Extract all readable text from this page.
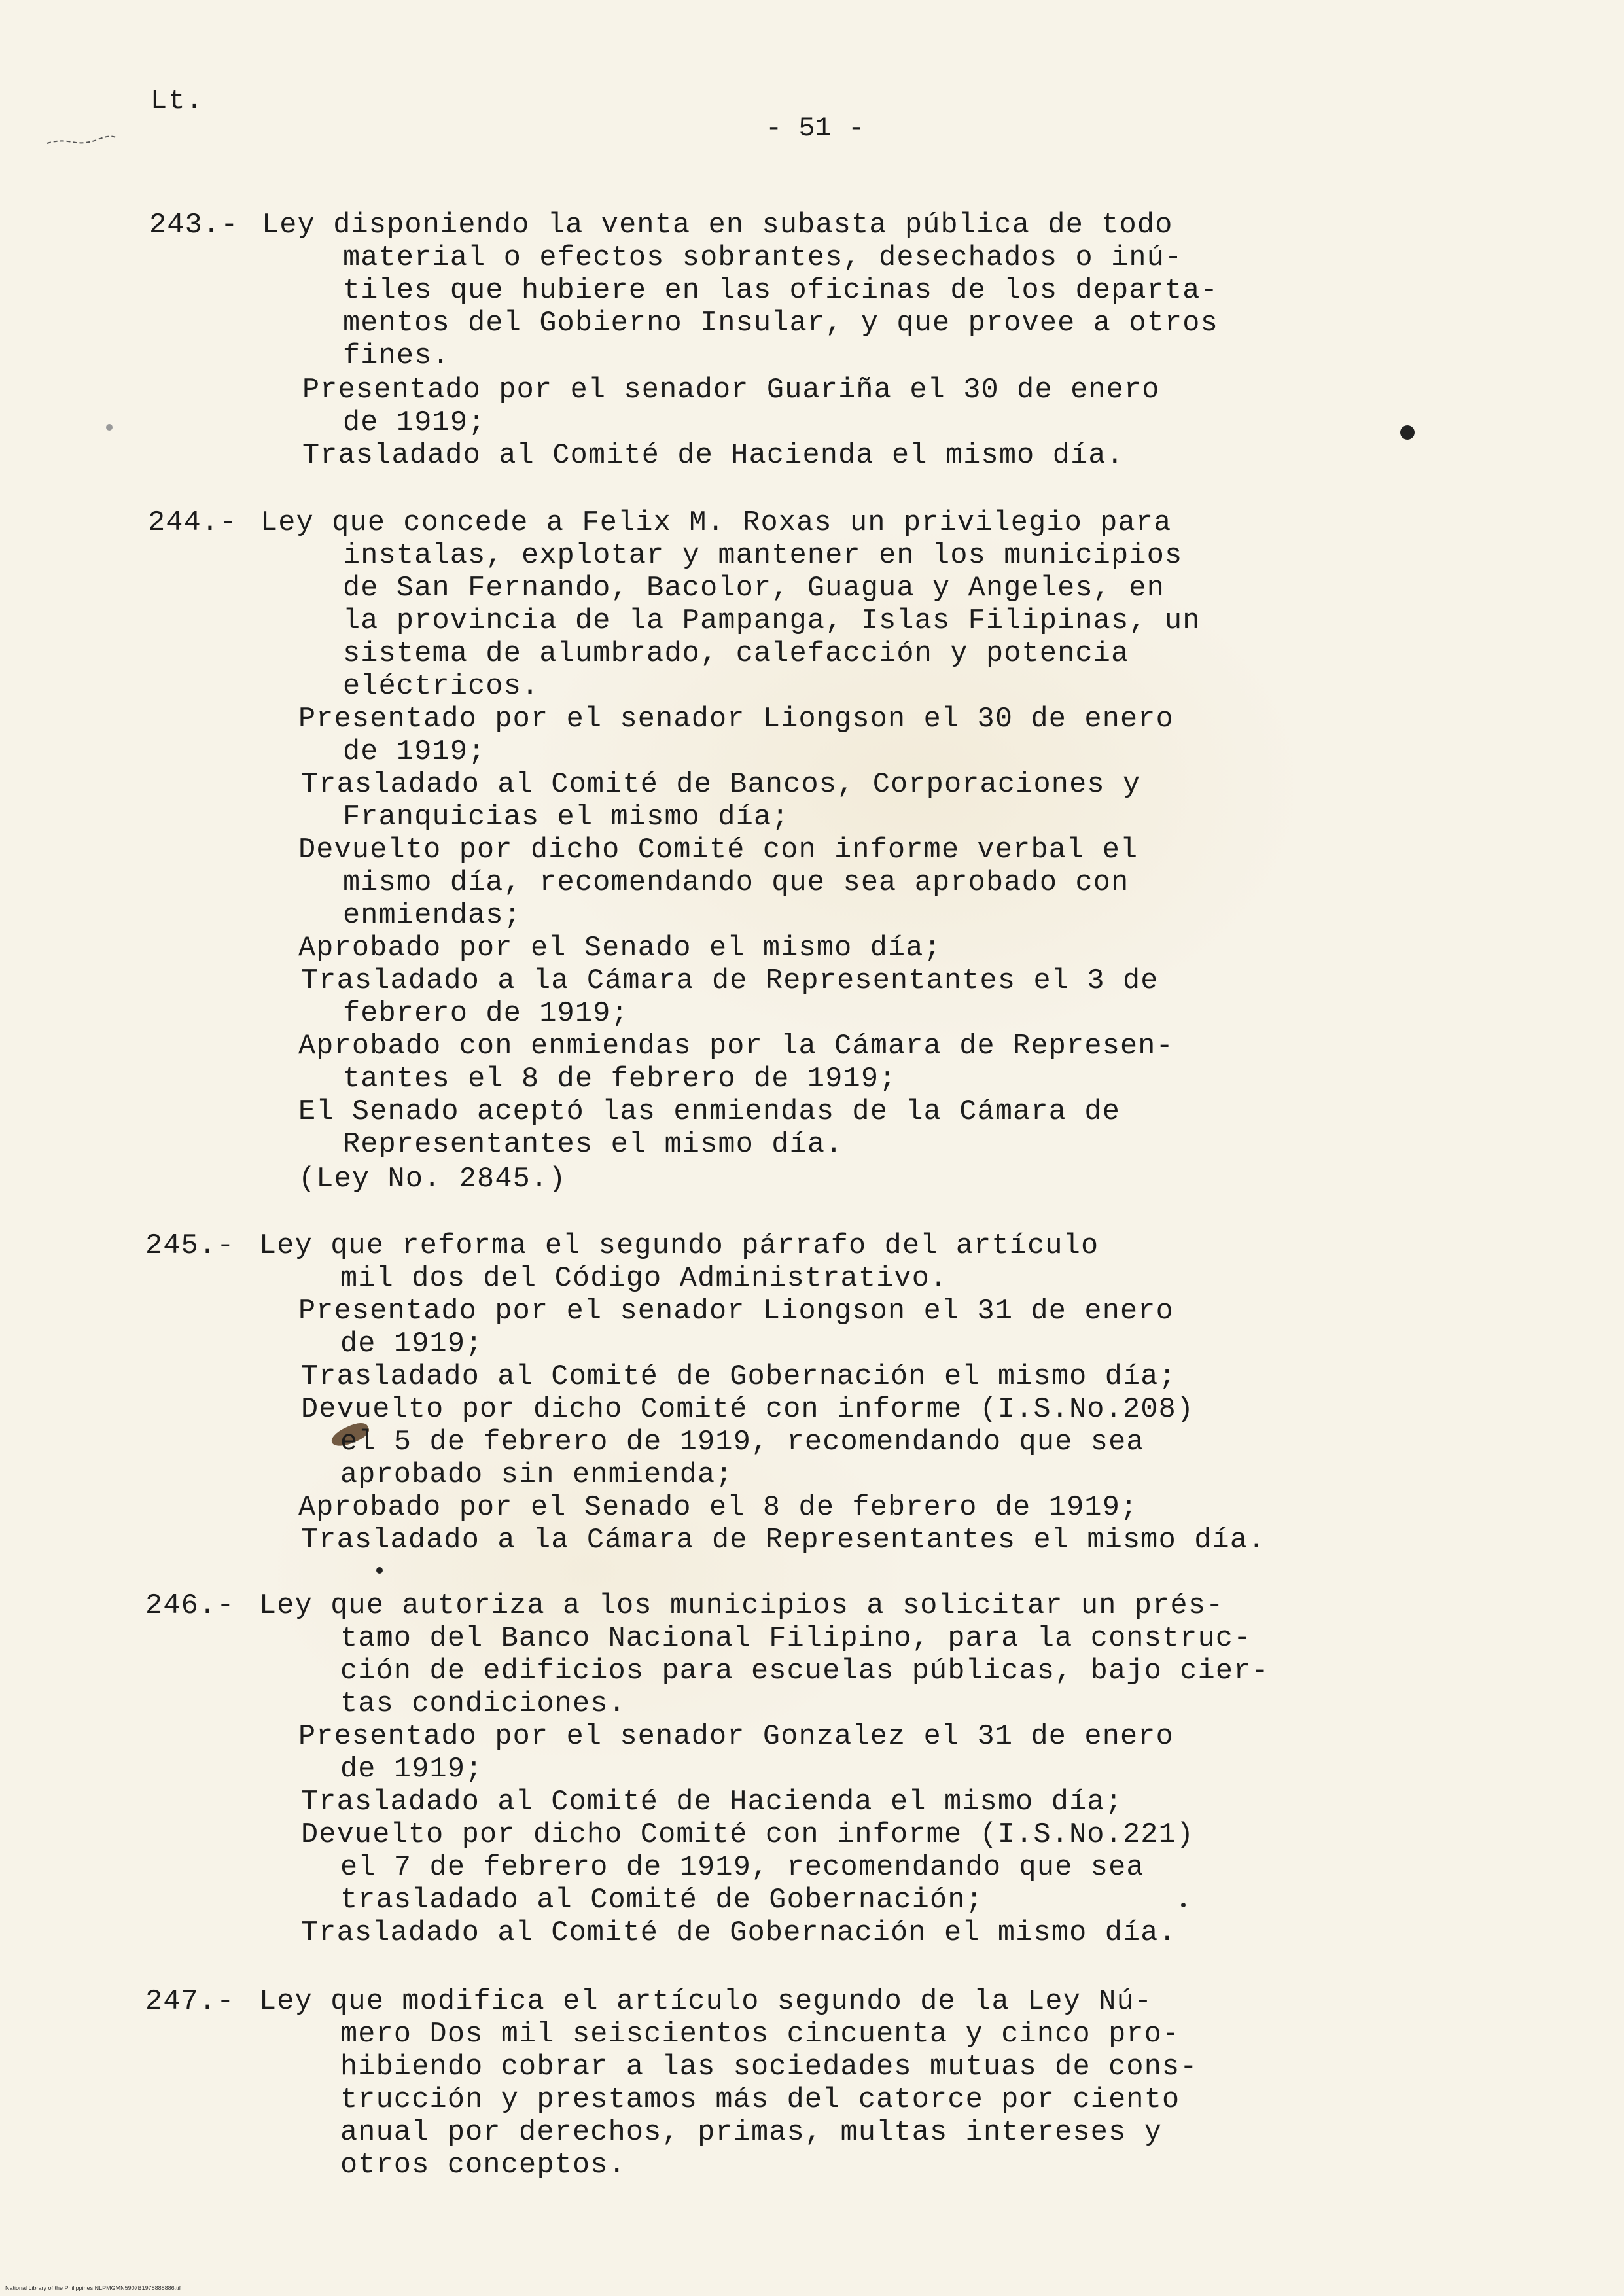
Lt.
- 51 -
243.- Ley disponiendo la venta en subasta pública de todo
material o efectos sobrantes, desechados o inú-
tiles que hubiere en las oficinas de los departa-
mentos del Gobierno Insular, y que provee a otros
fines.
Presentado por el senador Guariña el 30 de enero
de 1919;
Trasladado al Comité de Hacienda el mismo día.
244.- Ley que concede a Felix M. Roxas un privilegio para
instalas, explotar y mantener en los municipios
de San Fernando, Bacolor, Guagua y Angeles, en
la provincia de la Pampanga, Islas Filipinas, un
sistema de alumbrado, calefacción y potencia
eléctricos.
Presentado por el senador Liongson el 30 de enero
de 1919;
Trasladado al Comité de Bancos, Corporaciones y
Franquicias el mismo día;
Devuelto por dicho Comité con informe verbal el
mismo día, recomendando que sea aprobado con
enmiendas;
Aprobado por el Senado el mismo día;
Trasladado a la Cámara de Representantes el 3 de
febrero de 1919;
Aprobado con enmiendas por la Cámara de Represen-
tantes el 8 de febrero de 1919;
El Senado aceptó las enmiendas de la Cámara de
Representantes el mismo día.
(Ley No. 2845.)
245.- Ley que reforma el segundo párrafo del artículo
mil dos del Código Administrativo.
Presentado por el senador Liongson el 31 de enero
de 1919;
Trasladado al Comité de Gobernación el mismo día;
Devuelto por dicho Comité con informe (I.S.No.208)
el 5 de febrero de 1919, recomendando que sea
aprobado sin enmienda;
Aprobado por el Senado el 8 de febrero de 1919;
Trasladado a la Cámara de Representantes el mismo día.
246.- Ley que autoriza a los municipios a solicitar un prés-
tamo del Banco Nacional Filipino, para la construc-
ción de edificios para escuelas públicas, bajo cier-
tas condiciones.
Presentado por el senador Gonzalez el 31 de enero
de 1919;
Trasladado al Comité de Hacienda el mismo día;
Devuelto por dicho Comité con informe (I.S.No.221)
el 7 de febrero de 1919, recomendando que sea
trasladado al Comité de Gobernación;
Trasladado al Comité de Gobernación el mismo día.
247.- Ley que modifica el artículo segundo de la Ley Nú-
mero Dos mil seiscientos cincuenta y cinco pro-
hibiendo cobrar a las sociedades mutuas de cons-
trucción y prestamos más del catorce por ciento
anual por derechos, primas, multas intereses y
otros conceptos.
National Library of the Philippines NLPMGMN5907B1978888886.tif
